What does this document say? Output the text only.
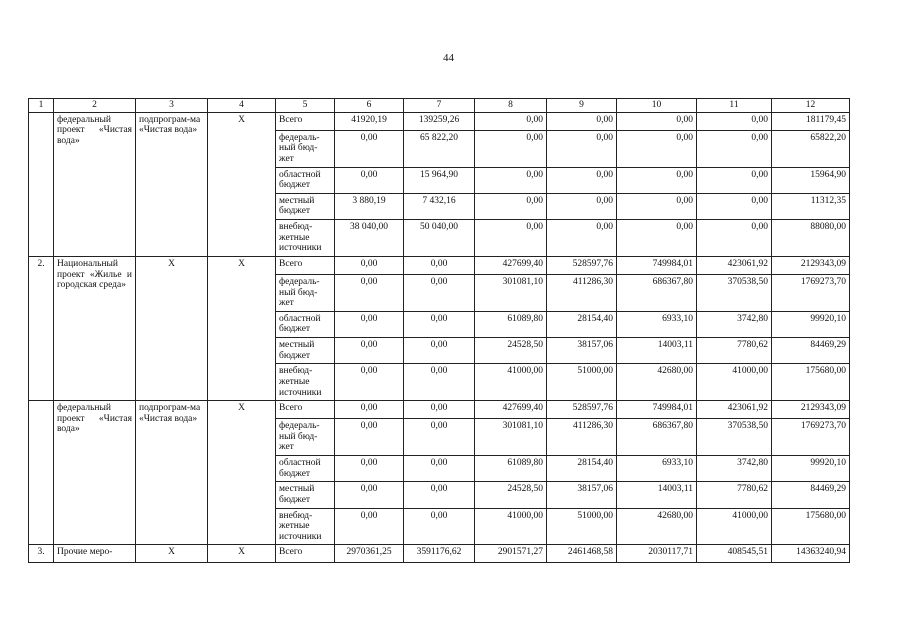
44
1	2	3	4	5	6	7	8	9	10	11	12
	федеральный проект «Чистая вода»	подпрограм-ма «Чистая вода»	Х	Всего	41920,19	139259,26	0,00	0,00	0,00	0,00	181179,45
				федераль-ный бюд-жет	0,00	65 822,20	0,00	0,00	0,00	0,00	65822,20
				областной бюджет	0,00	15 964,90	0,00	0,00	0,00	0,00	15964,90
				местный бюджет	3 880,19	7 432,16	0,00	0,00	0,00	0,00	11312,35
				внебюд-жетные источники	38 040,00	50 040,00	0,00	0,00	0,00	0,00	88080,00
2.	Национальный проект «Жилье и городская среда»	Х	Х	Всего	0,00	0,00	427699,40	528597,76	749984,01	423061,92	2129343,09
				федераль-ный бюд-жет	0,00	0,00	301081,10	411286,30	686367,80	370538,50	1769273,70
				областной бюджет	0,00	0,00	61089,80	28154,40	6933,10	3742,80	99920,10
				местный бюджет	0,00	0,00	24528,50	38157,06	14003,11	7780,62	84469,29
				внебюд-жетные источники	0,00	0,00	41000,00	51000,00	42680,00	41000,00	175680,00
	федеральный проект «Чистая вода»	подпрограм-ма «Чистая вода»	Х	Всего	0,00	0,00	427699,40	528597,76	749984,01	423061,92	2129343,09
				федераль-ный бюд-жет	0,00	0,00	301081,10	411286,30	686367,80	370538,50	1769273,70
				областной бюджет	0,00	0,00	61089,80	28154,40	6933,10	3742,80	99920,10
				местный бюджет	0,00	0,00	24528,50	38157,06	14003,11	7780,62	84469,29
				внебюд-жетные источники	0,00	0,00	41000,00	51000,00	42680,00	41000,00	175680,00
3.	Прочие меро-	Х	Х	Всего	2970361,25	3591176,62	2901571,27	2461468,58	2030117,71	408545,51	14363240,94
